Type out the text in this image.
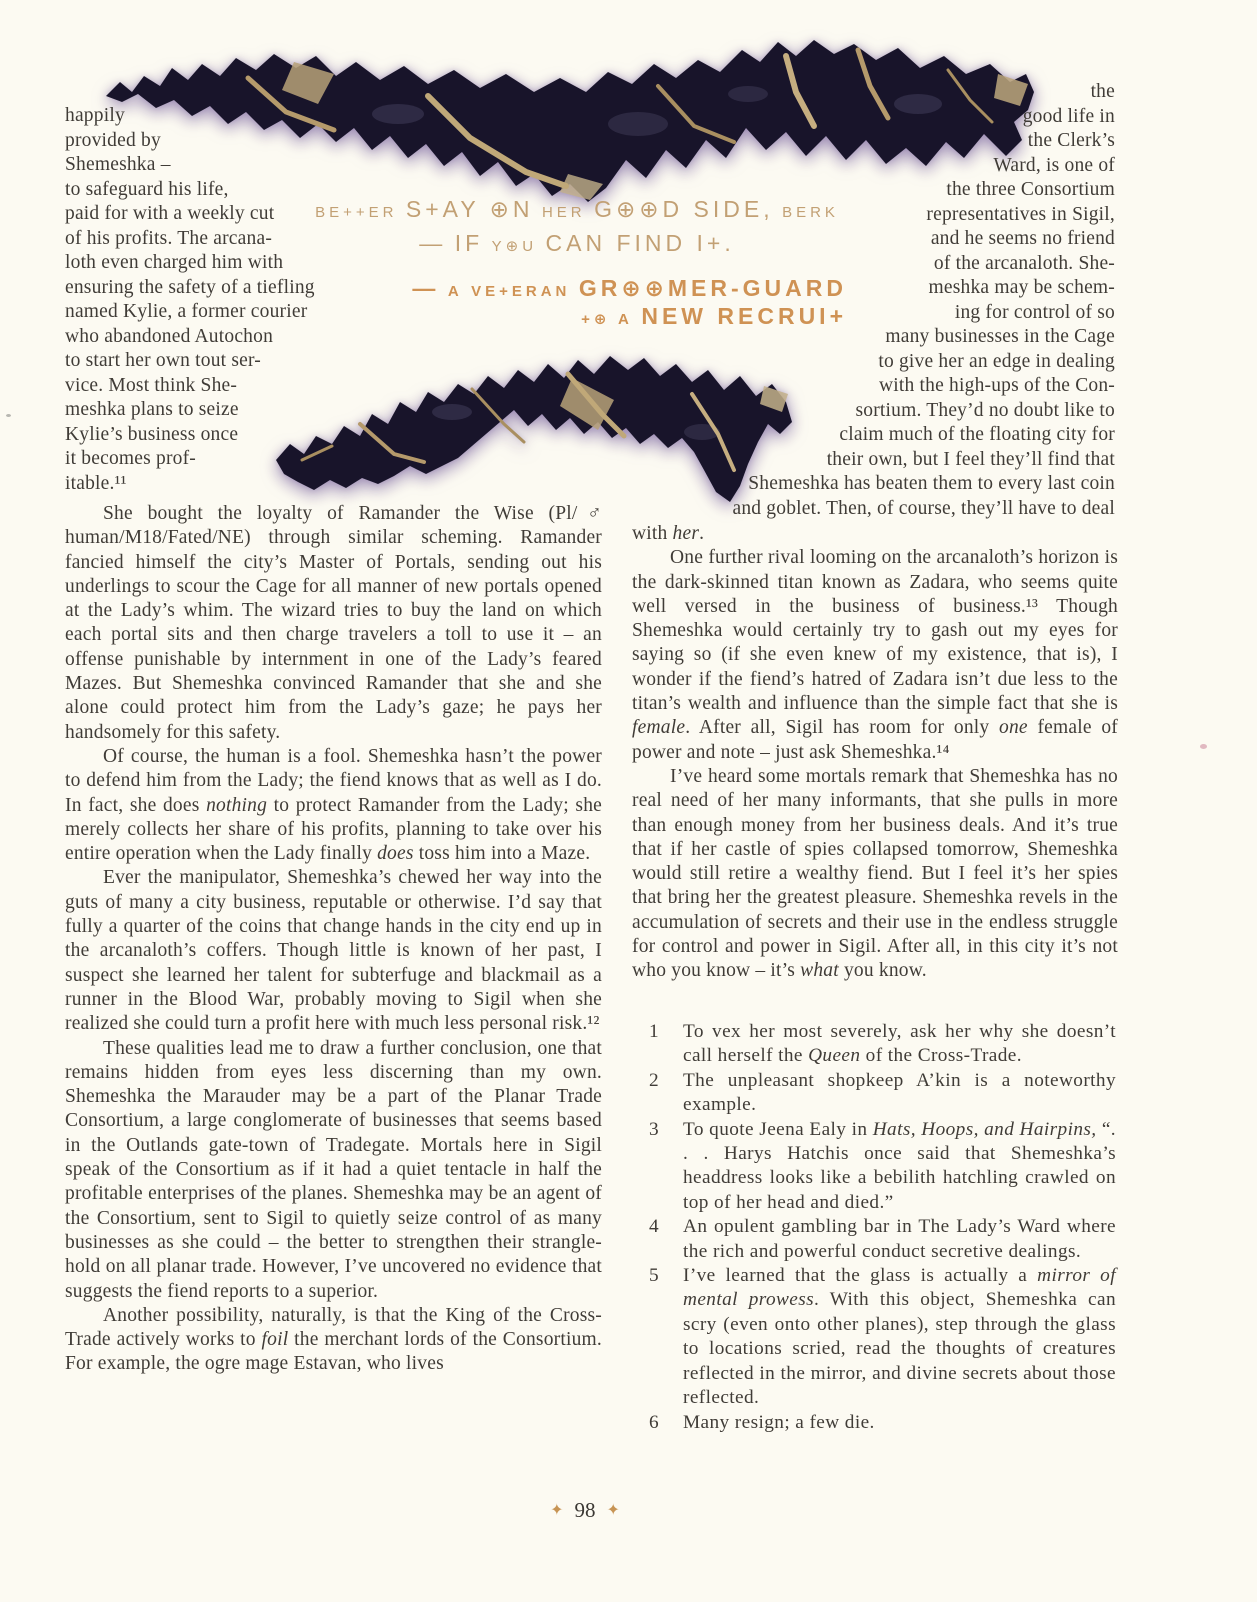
BE++ER S+AY ⊕N HER G⊕⊕D SIDE, BERK
— IF Y⊕U CAN FIND I+.
— A VE+ERAN GR⊕⊕MER-GUARD
+⊕ A NEW RECRUI+
happily
provided by
Shemeshka –
to safeguard his life,
paid for with a weekly cut
of his profits. The arcana-
loth even charged him with
ensuring the safety of a tiefling
named Kylie, a former courier
who abandoned Autochon
to start her own tout ser-
vice. Most think She-
meshka plans to seize
Kylie’s business once
it becomes prof-
itable.¹¹
the
good life in
the Clerk’s
Ward, is one of
the three Consortium
representatives in Sigil,
and he seems no friend
of the arcanaloth. She-
meshka may be schem-
ing for control of so
many businesses in the Cage
to give her an edge in dealing
with the high-ups of the Con-
sortium. They’d no doubt like to
claim much of the floating city for
their own, but I feel they’ll find that
Shemeshka has beaten them to every last coin
and goblet. Then, of course, they’ll have to deal

She bought the loyalty of Ramander the Wise (Pl/♂ human/M18/Fated/NE) through similar scheming. Ramander fancied himself the city’s Master of Portals, sending out his underlings to scour the Cage for all manner of new portals opened at the Lady’s whim. The wizard tries to buy the land on which each portal sits and then charge travelers a toll to use it – an offense punishable by internment in one of the Lady’s feared Mazes. But Shemeshka convinced Ramander that she and she alone could protect him from the Lady’s gaze; he pays her handsomely for this safety.

Of course, the human is a fool. Shemeshka hasn’t the power to defend him from the Lady; the fiend knows that as well as I do. In fact, she does nothing to protect Ramander from the Lady; she merely collects her share of his profits, planning to take over his entire operation when the Lady finally does toss him into a Maze.

Ever the manipulator, Shemeshka’s chewed her way into the guts of many a city business, reputable or otherwise. I’d say that fully a quarter of the coins that change hands in the city end up in the arcanaloth’s coffers. Though little is known of her past, I suspect she learned her talent for subterfuge and blackmail as a runner in the Blood War, probably moving to Sigil when she realized she could turn a profit here with much less personal risk.¹²

These qualities lead me to draw a further conclusion, one that remains hidden from eyes less discerning than my own. Shemeshka the Marauder may be a part of the Planar Trade Consortium, a large conglomerate of businesses that seems based in the Outlands gate-town of Tradegate. Mortals here in Sigil speak of the Consortium as if it had a quiet tentacle in half the profitable enterprises of the planes. Shemeshka may be an agent of the Consortium, sent to Sigil to quietly seize control of as many businesses as she could – the better to strengthen their strangle-hold on all planar trade. However, I’ve uncovered no evidence that suggests the fiend reports to a superior.

Another possibility, naturally, is that the King of the Cross-Trade actively works to foil the merchant lords of the Consortium. For example, the ogre mage Estavan, who lives

with her.

One further rival looming on the arcanaloth’s horizon is the dark-skinned titan known as Zadara, who seems quite well versed in the business of business.¹³ Though Shemeshka would certainly try to gash out my eyes for saying so (if she even knew of my existence, that is), I wonder if the fiend’s hatred of Zadara isn’t due less to the titan’s wealth and influence than the simple fact that she is female. After all, Sigil has room for only one female of power and note – just ask Shemeshka.¹⁴

I’ve heard some mortals remark that Shemeshka has no real need of her many informants, that she pulls in more than enough money from her business deals. And it’s true that if her castle of spies collapsed tomorrow, Shemeshka would still retire a wealthy fiend. But I feel it’s her spies that bring her the greatest pleasure. Shemeshka revels in the accumulation of secrets and their use in the endless struggle for control and power in Sigil. After all, in this city it’s not who you know – it’s what you know.

1	To vex her most severely, ask her why she doesn’t call herself the Queen of the Cross-Trade.
2	The unpleasant shopkeep A’kin is a noteworthy example.
3	To quote Jeena Ealy in Hats, Hoops, and Hairpins, “. . . Harys Hatchis once said that Shemeshka’s headdress looks like a bebilith hatchling crawled on top of her head and died.”
4	An opulent gambling bar in The Lady’s Ward where the rich and powerful conduct secretive dealings.
5	I’ve learned that the glass is actually a mirror of mental prowess. With this object, Shemeshka can scry (even onto other planes), step through the glass to locations scried, read the thoughts of creatures reflected in the mirror, and divine secrets about those reflected.
6	Many resign; a few die.
✦ 98 ✦
